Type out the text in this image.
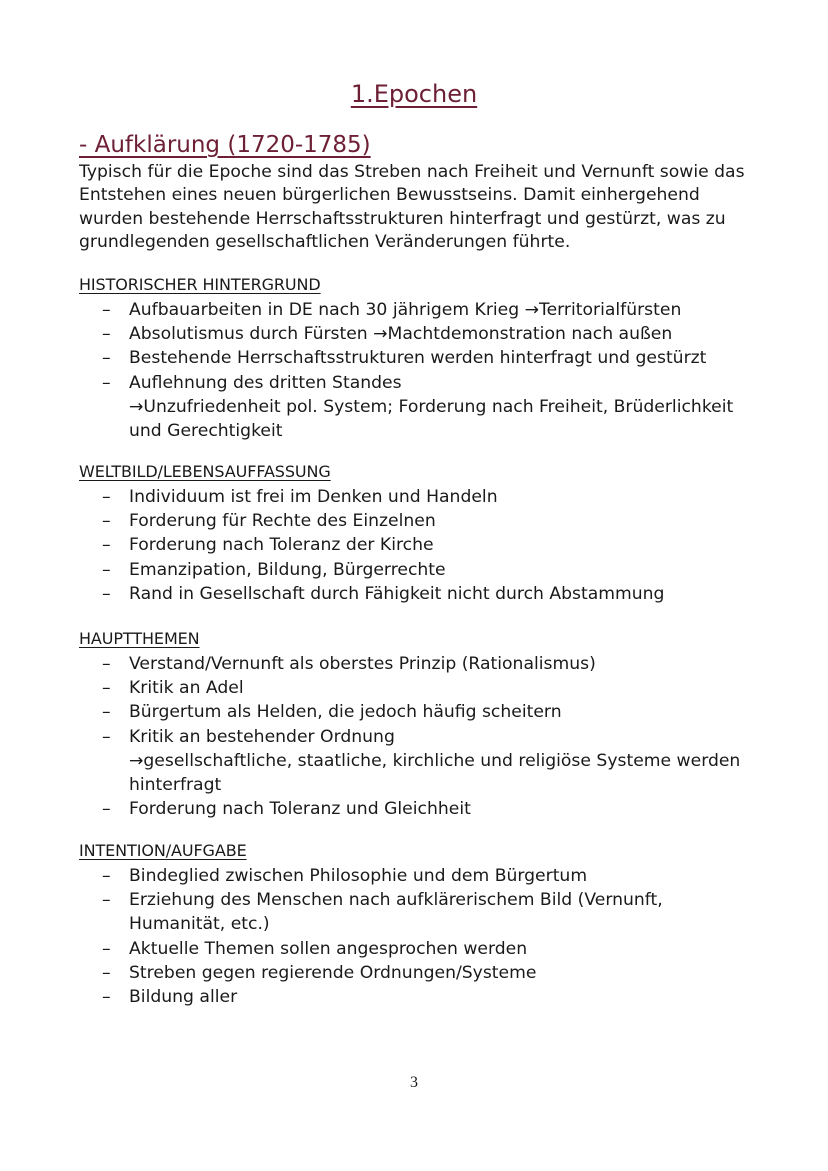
1.Epochen
- Aufklärung (1720-1785)

Typisch für die Epoche sind das Streben nach Freiheit und Vernunft sowie das Entstehen eines neuen bürgerlichen Bewusstseins. Damit einhergehend wurden bestehende Herrschaftsstrukturen hinterfragt und gestürzt, was zu grundlegenden gesellschaftlichen Veränderungen führte.

HISTORISCHER HINTERGRUND
– Aufbauarbeiten in DE nach 30 jährigem Krieg →Territorialfürsten
– Absolutismus durch Fürsten →Machtdemonstration nach außen
– Bestehende Herrschaftsstrukturen werden hinterfragt und gestürzt
– Auflehnung des dritten Standes
→Unzufriedenheit pol. System; Forderung nach Freiheit, Brüderlichkeit und Gerechtigkeit
WELTBILD/LEBENSAUFFASSUNG
– Individuum ist frei im Denken und Handeln
– Forderung für Rechte des Einzelnen
– Forderung nach Toleranz der Kirche
– Emanzipation, Bildung, Bürgerrechte
– Rand in Gesellschaft durch Fähigkeit nicht durch Abstammung
HAUPTTHEMEN
– Verstand/Vernunft als oberstes Prinzip (Rationalismus)
– Kritik an Adel
– Bürgertum als Helden, die jedoch häufig scheitern
– Kritik an bestehender Ordnung
→gesellschaftliche, staatliche, kirchliche und religiöse Systeme werden hinterfragt
– Forderung nach Toleranz und Gleichheit
INTENTION/AUFGABE
– Bindeglied zwischen Philosophie und dem Bürgertum
– Erziehung des Menschen nach aufklärerischem Bild (Vernunft, Humanität, etc.)
– Aktuelle Themen sollen angesprochen werden
– Streben gegen regierende Ordnungen/Systeme
– Bildung aller
3
